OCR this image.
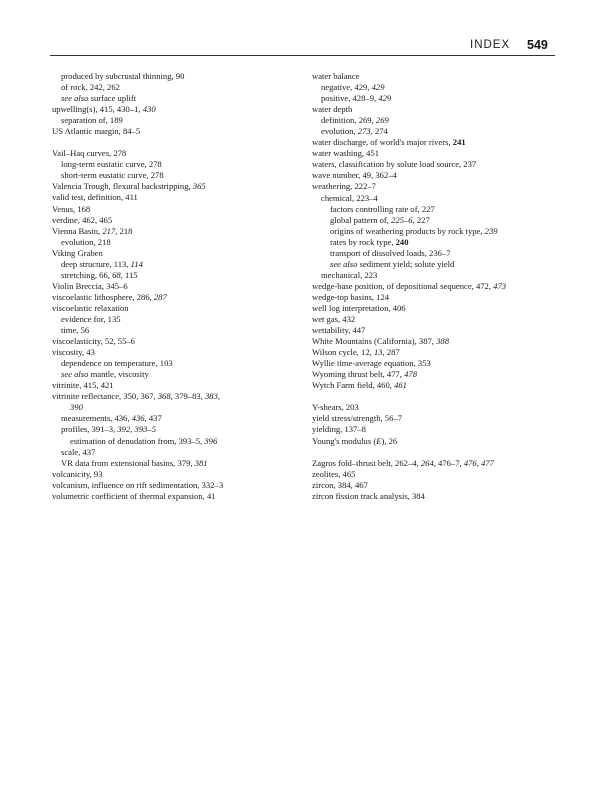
INDEX 549
produced by subcrustal thinning, 90
of rock, 242, 262
see also surface uplift
upwelling(s), 415, 430–1, 430
separation of, 189
US Atlantic margin, 84–5
Vail–Haq curves, 278
long-term eustatic curve, 278
short-term eustatic curve, 278
Valencia Trough, flexural backstripping, 365
valid test, definition, 411
Venus, 168
verdine, 462, 465
Vienna Basin, 217, 218
evolution, 218
Viking Graben
deep structure, 113, 114
stretching, 66, 68, 115
Violin Breccia, 345–6
viscoelastic lithosphere, 286, 287
viscoelastic relaxation
evidence for, 135
time, 56
viscoelasticity, 52, 55–6
viscosity, 43
dependence on temperature, 103
see also mantle, viscosity
vitrinite, 415, 421
vitrinite reflectance, 350, 367, 368, 379–83, 383,
390
measurements, 436, 436, 437
profiles, 391–3, 392, 393–5
estimation of denudation from, 393–5, 396
scale, 437
VR data from extensional basins, 379, 381
volcanicity, 93
volcanism, influence on rift sedimentation, 332–3
volumetric coefficient of thermal expansion, 41
water balance
negative, 429, 429
positive, 428–9, 429
water depth
definition, 269, 269
evolution, 273, 274
water discharge, of world's major rivers, 241
water washing, 451
waters, classification by solute load source, 237
wave number, 49, 362–4
weathering, 222–7
chemical, 223–4
factors controlling rate of, 227
global pattern of, 225–6, 227
origins of weathering products by rock type, 239
rates by rock type, 240
transport of dissolved loads, 236–7
see also sediment yield; solute yield
mechanical, 223
wedge-base position, of depositional sequence, 472, 473
wedge-top basins, 124
well log interpretation, 406
wet gas, 432
wettability, 447
White Mountains (California), 387, 388
Wilson cycle, 12, 13, 287
Wyllie time-average equation, 353
Wyoming thrust belt, 477, 478
Wytch Farm field, 460, 461
Y-shears, 203
yield stress/strength, 56–7
yielding, 137–8
Young's modulus (E), 26
Zagros fold–thrust belt, 262–4, 264, 476–7, 476, 477
zeolites, 465
zircon, 384, 467
zircon fission track analysis, 384
